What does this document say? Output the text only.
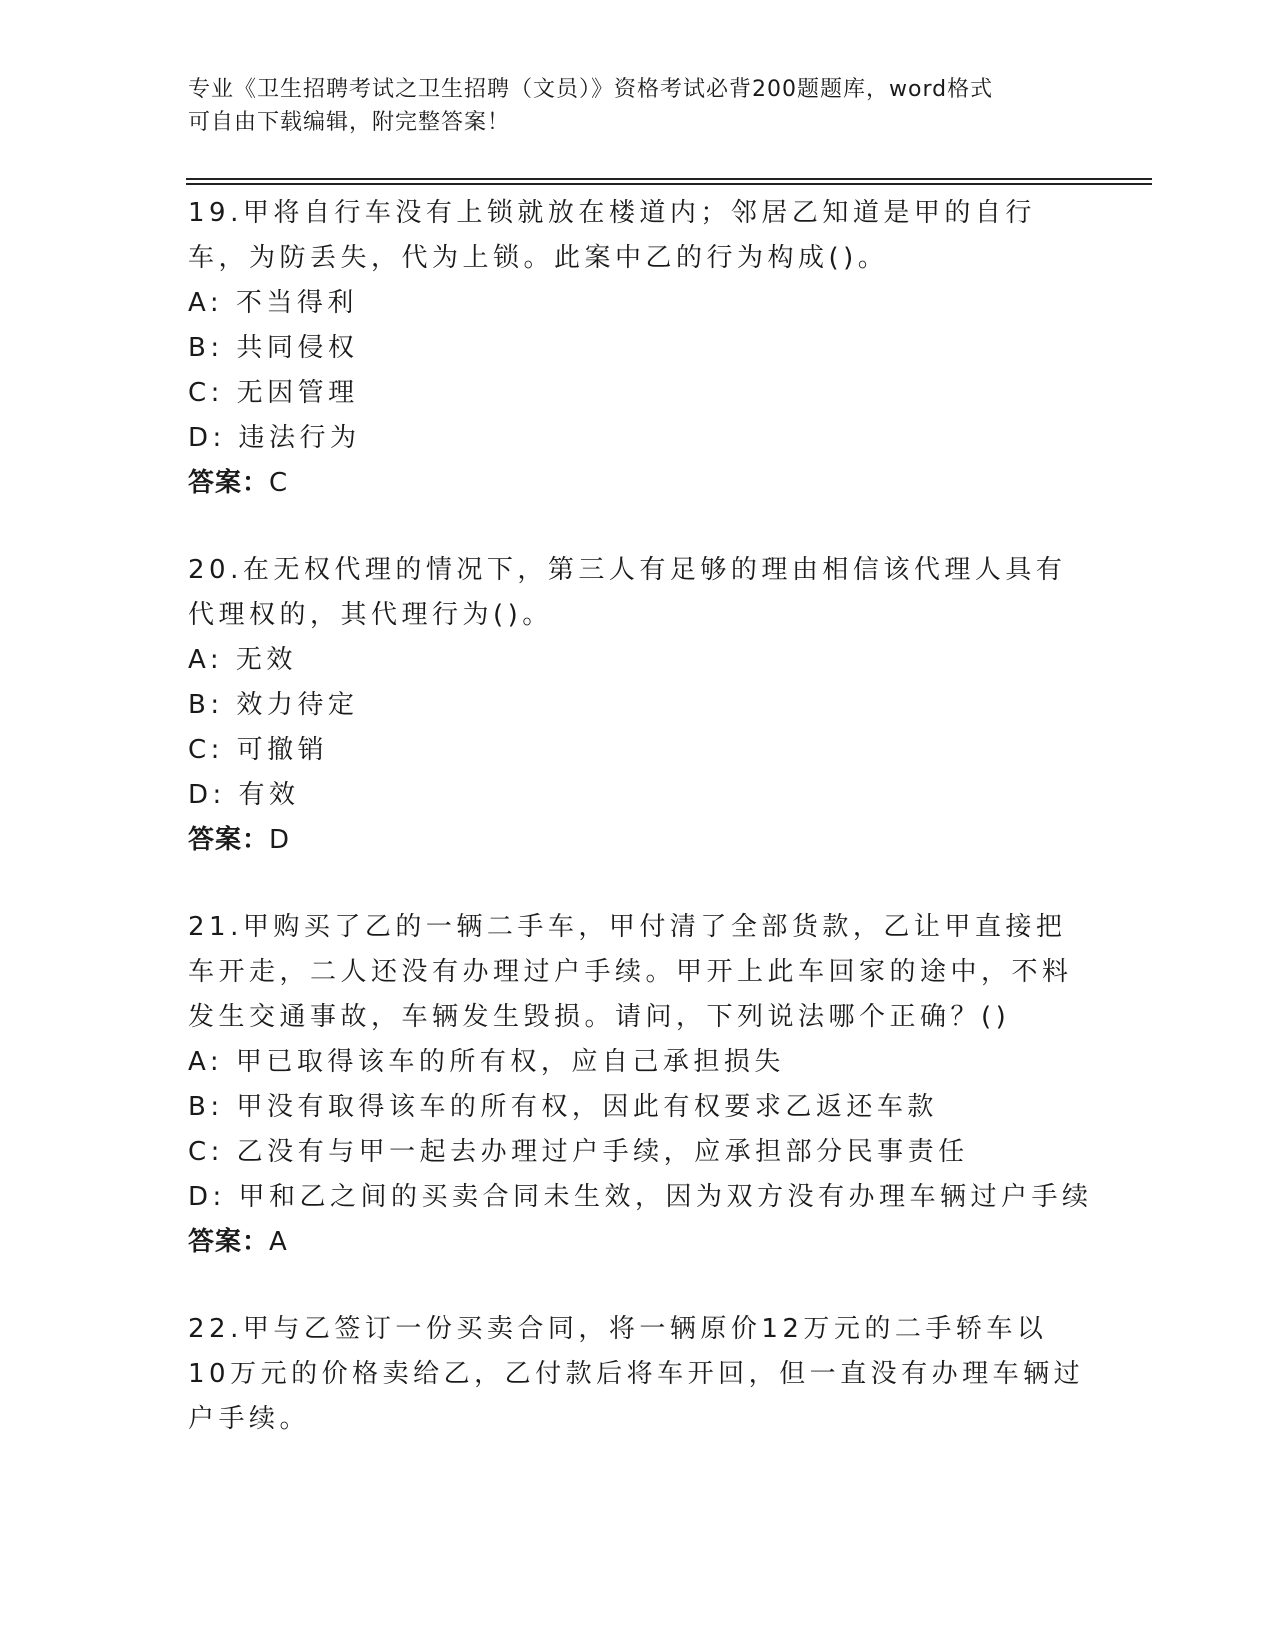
专业《卫生招聘考试之卫生招聘（文员）》资格考试必背200题题库，word格式
可自由下载编辑，附完整答案！

19.甲将自行车没有上锁就放在楼道内；邻居乙知道是甲的自行车，为防丢失，代为上锁。此案中乙的行为构成()。

A: 不当得利

B: 共同侵权

C: 无因管理

D: 违法行为

答案：C

20.在无权代理的情况下，第三人有足够的理由相信该代理人具有代理权的，其代理行为()。

A: 无效

B: 效力待定

C: 可撤销

D: 有效

答案：D

21.甲购买了乙的一辆二手车，甲付清了全部货款，乙让甲直接把车开走，二人还没有办理过户手续。甲开上此车回家的途中，不料发生交通事故，车辆发生毁损。请问，下列说法哪个正确？()

A: 甲已取得该车的所有权，应自己承担损失

B: 甲没有取得该车的所有权，因此有权要求乙返还车款

C: 乙没有与甲一起去办理过户手续，应承担部分民事责任

D: 甲和乙之间的买卖合同未生效，因为双方没有办理车辆过户手续

答案：A

22.甲与乙签订一份买卖合同，将一辆原价12万元的二手轿车以10万元的价格卖给乙，乙付款后将车开回，但一直没有办理车辆过户手续。
